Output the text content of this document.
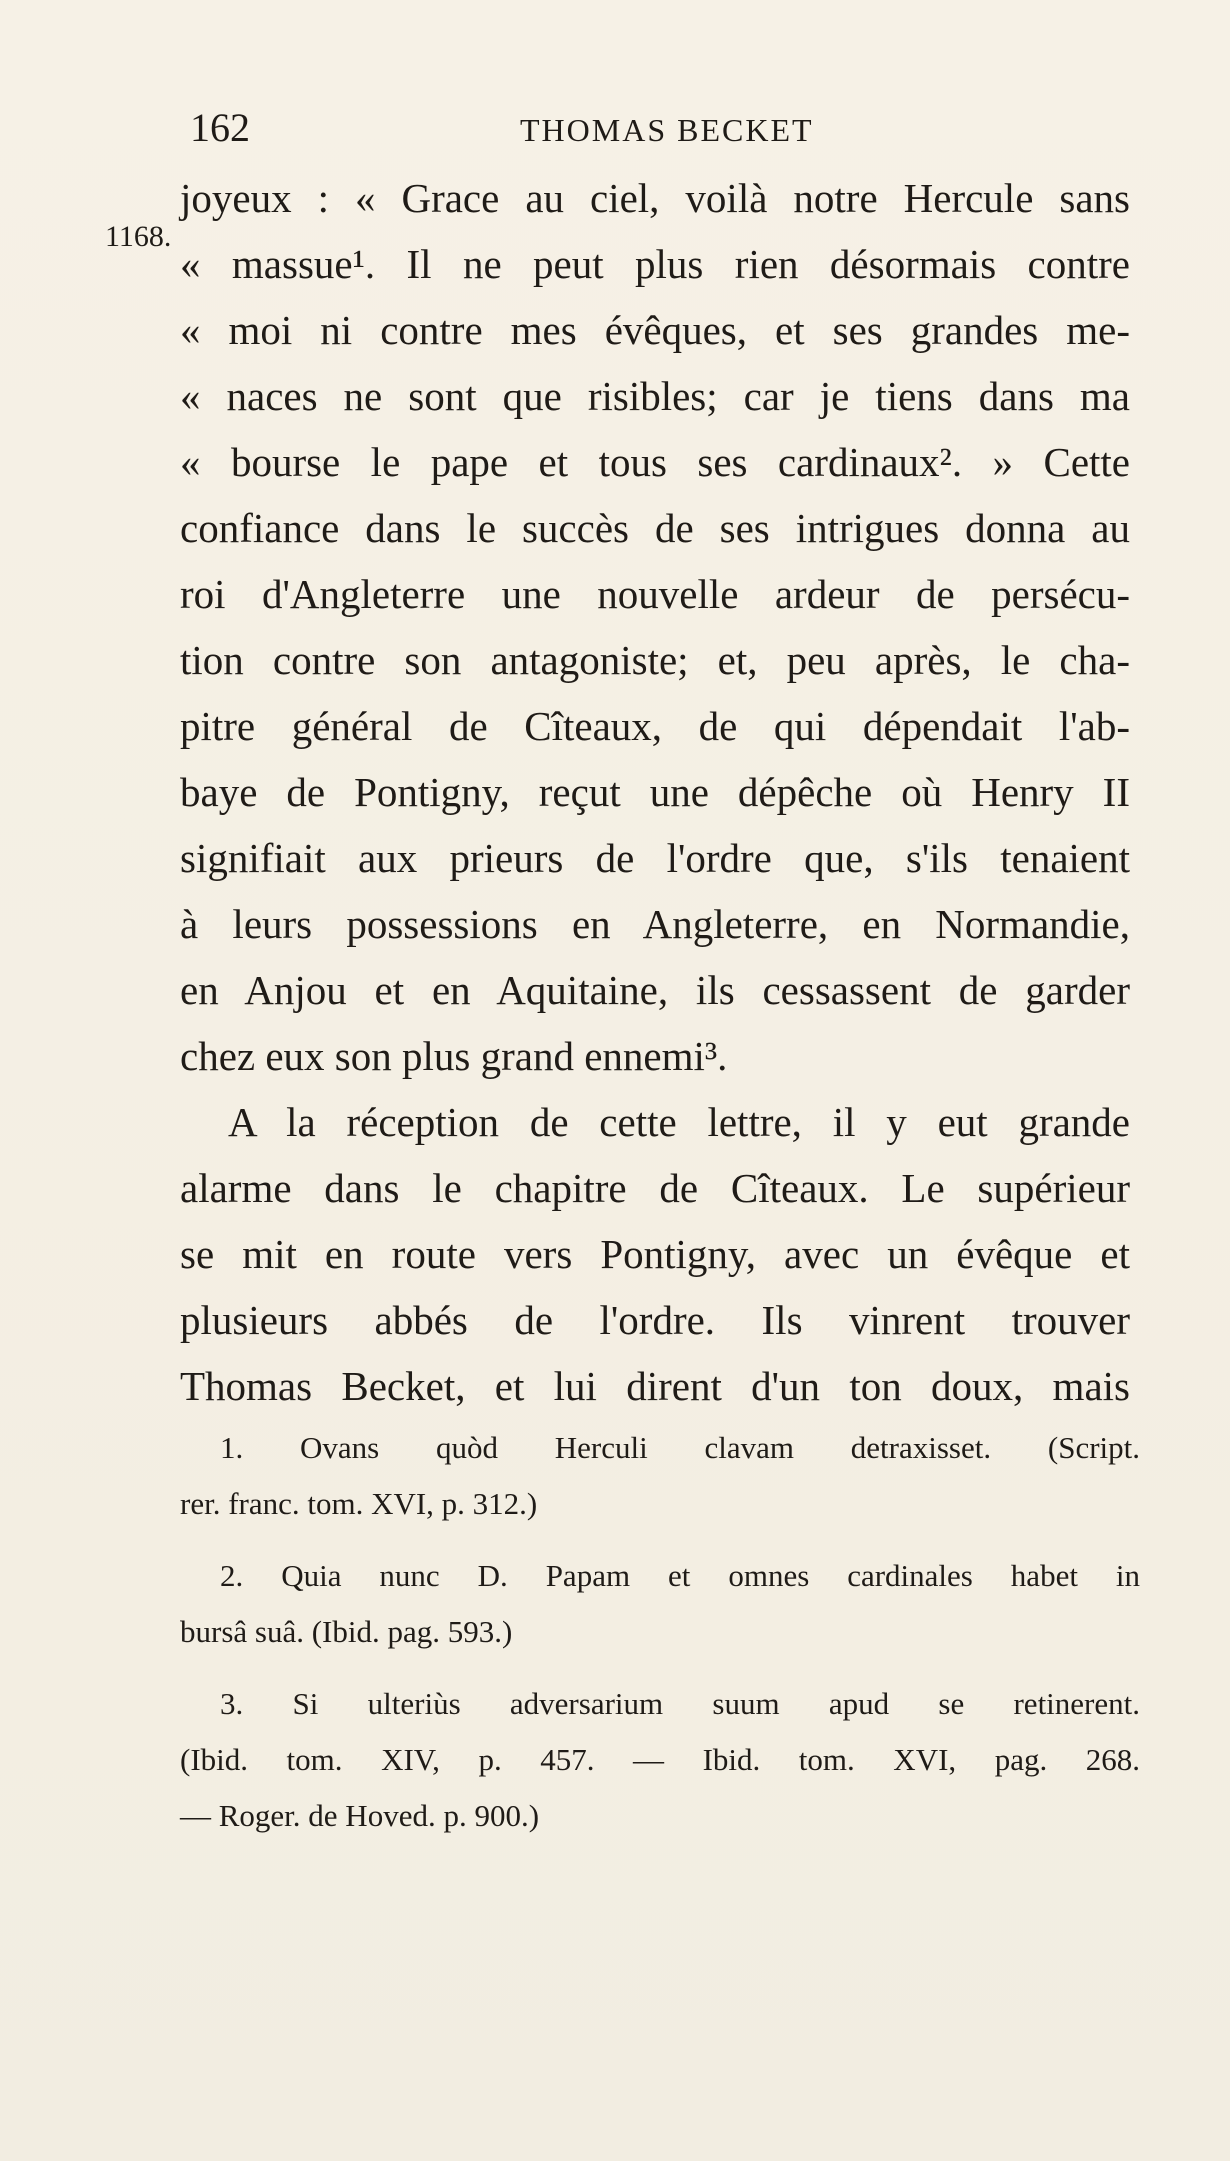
162	THOMAS BECKET
1168.
joyeux : « Grace au ciel, voilà notre Hercule sans
« massue¹. Il ne peut plus rien désormais contre
« moi ni contre mes évêques, et ses grandes me-
« naces ne sont que risibles; car je tiens dans ma
« bourse le pape et tous ses cardinaux². » Cette
confiance dans le succès de ses intrigues donna au
roi d'Angleterre une nouvelle ardeur de persécu-
tion contre son antagoniste; et, peu après, le cha-
pitre général de Cîteaux, de qui dépendait l'ab-
baye de Pontigny, reçut une dépêche où Henry II
signifiait aux prieurs de l'ordre que, s'ils tenaient
à leurs possessions en Angleterre, en Normandie,
en Anjou et en Aquitaine, ils cessassent de garder
chez eux son plus grand ennemi³.
A la réception de cette lettre, il y eut grande
alarme dans le chapitre de Cîteaux. Le supérieur
se mit en route vers Pontigny, avec un évêque et
plusieurs abbés de l'ordre. Ils vinrent trouver
Thomas Becket, et lui dirent d'un ton doux, mais
1. Ovans quòd Herculi clavam detraxisset. (Script.
rer. franc. tom. XVI, p. 312.)
2. Quia nunc D. Papam et omnes cardinales habet in
bursâ suâ. (Ibid. pag. 593.)
3. Si ulteriùs adversarium suum apud se retinerent.
(Ibid. tom. XIV, p. 457. — Ibid. tom. XVI, pag. 268.
— Roger. de Hoved. p. 900.)
